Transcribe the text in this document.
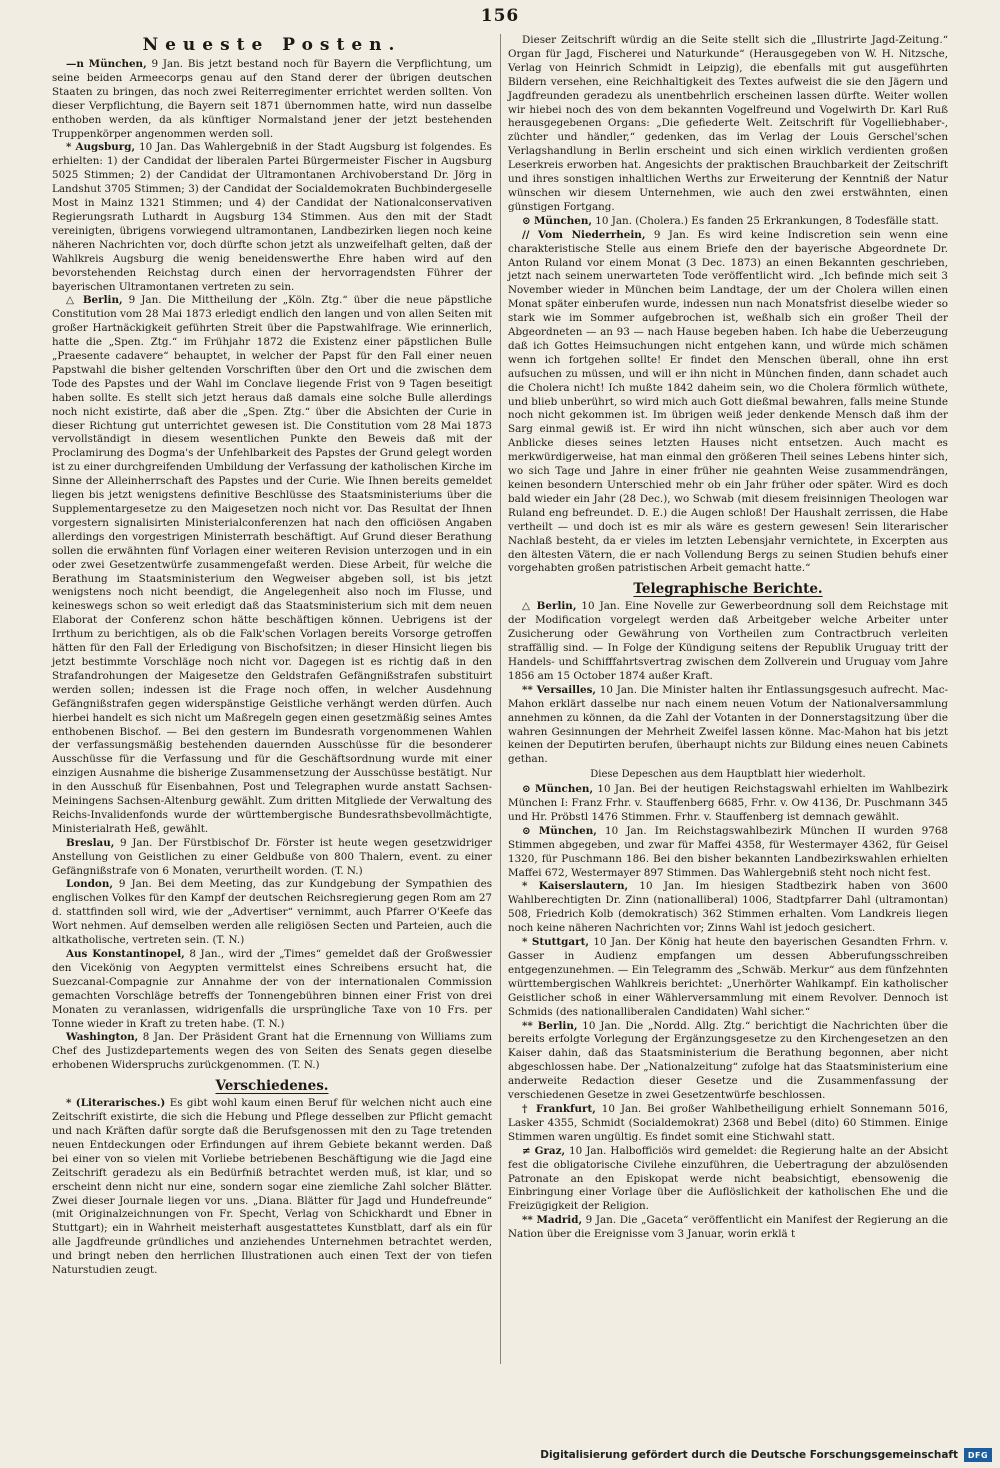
156
Neueste Posten.

—n München, 9 Jan. Bis jetzt bestand noch für Bayern die Verpflichtung, um seine beiden Armeecorps genau auf den Stand derer der übrigen deutschen Staaten zu bringen, das noch zwei Reiterregimenter errichtet werden sollten. Von dieser Verpflichtung, die Bayern seit 1871 übernommen hatte, wird nun dasselbe enthoben werden, da als künftiger Normalstand jener der jetzt bestehenden Truppenkörper angenommen werden soll.

* Augsburg, 10 Jan. Das Wahlergebniß in der Stadt Augsburg ist folgendes. Es erhielten: 1) der Candidat der liberalen Partei Bürgermeister Fischer in Augsburg 5025 Stimmen; 2) der Candidat der Ultramontanen Archivoberstand Dr. Jörg in Landshut 3705 Stimmen; 3) der Candidat der Socialdemokraten Buchbindergeselle Most in Mainz 1321 Stimmen; und 4) der Candidat der Nationalconservativen Regierungsrath Luthardt in Augsburg 134 Stimmen. Aus den mit der Stadt vereinigten, übrigens vorwiegend ultramontanen, Landbezirken liegen noch keine näheren Nachrichten vor, doch dürfte schon jetzt als unzweifelhaft gelten, daß der Wahlkreis Augsburg die wenig beneidenswerthe Ehre haben wird auf den bevorstehenden Reichstag durch einen der hervorragendsten Führer der bayerischen Ultramontanen vertreten zu sein.

△ Berlin, 9 Jan. Die Mittheilung der „Köln. Ztg.“ über die neue päpstliche Constitution vom 28 Mai 1873 erledigt endlich den langen und von allen Seiten mit großer Hartnäckigkeit geführten Streit über die Papstwahlfrage. Wie erinnerlich, hatte die „Spen. Ztg.“ im Frühjahr 1872 die Existenz einer päpstlichen Bulle „Praesente cadavere“ behauptet, in welcher der Papst für den Fall einer neuen Papstwahl die bisher geltenden Vorschriften über den Ort und die zwischen dem Tode des Papstes und der Wahl im Conclave liegende Frist von 9 Tagen beseitigt haben sollte. Es stellt sich jetzt heraus daß damals eine solche Bulle allerdings noch nicht existirte, daß aber die „Spen. Ztg.“ über die Absichten der Curie in dieser Richtung gut unterrichtet gewesen ist. Die Constitution vom 28 Mai 1873 vervollständigt in diesem wesentlichen Punkte den Beweis daß mit der Proclamirung des Dogma's der Unfehlbarkeit des Papstes der Grund gelegt worden ist zu einer durchgreifenden Umbildung der Verfassung der katholischen Kirche im Sinne der Alleinherrschaft des Papstes und der Curie. Wie Ihnen bereits gemeldet liegen bis jetzt wenigstens definitive Beschlüsse des Staatsministeriums über die Supplementargesetze zu den Maigesetzen noch nicht vor. Das Resultat der Ihnen vorgestern signalisirten Ministerialconferenzen hat nach den officiösen Angaben allerdings den vorgestrigen Ministerrath beschäftigt. Auf Grund dieser Berathung sollen die erwähnten fünf Vorlagen einer weiteren Revision unterzogen und in ein oder zwei Gesetzentwürfe zusammengefaßt werden. Diese Arbeit, für welche die Berathung im Staatsministerium den Wegweiser abgeben soll, ist bis jetzt wenigstens noch nicht beendigt, die Angelegenheit also noch im Flusse, und keineswegs schon so weit erledigt daß das Staatsministerium sich mit dem neuen Elaborat der Conferenz schon hätte beschäftigen können. Uebrigens ist der Irrthum zu berichtigen, als ob die Falk'schen Vorlagen bereits Vorsorge getroffen hätten für den Fall der Erledigung von Bischofsitzen; in dieser Hinsicht liegen bis jetzt bestimmte Vorschläge noch nicht vor. Dagegen ist es richtig daß in den Strafandrohungen der Maigesetze den Geldstrafen Gefängnißstrafen substituirt werden sollen; indessen ist die Frage noch offen, in welcher Ausdehnung Gefängnißstrafen gegen widerspänstige Geistliche verhängt werden dürfen. Auch hierbei handelt es sich nicht um Maßregeln gegen einen gesetzmäßig seines Amtes enthobenen Bischof. — Bei den gestern im Bundesrath vorgenommenen Wahlen der verfassungsmäßig bestehenden dauernden Ausschüsse für die besonderer Ausschüsse für die Verfassung und für die Geschäftsordnung wurde mit einer einzigen Ausnahme die bisherige Zusammensetzung der Ausschüsse bestätigt. Nur in den Ausschuß für Eisenbahnen, Post und Telegraphen wurde anstatt Sachsen-Meiningens Sachsen-Altenburg gewählt. Zum dritten Mitgliede der Verwaltung des Reichs-Invalidenfonds wurde der württembergische Bundesrathsbevollmächtigte, Ministerialrath Heß, gewählt.

Breslau, 9 Jan. Der Fürstbischof Dr. Förster ist heute wegen gesetzwidriger Anstellung von Geistlichen zu einer Geldbuße von 800 Thalern, event. zu einer Gefängnißstrafe von 6 Monaten, verurtheilt worden. (T. N.)

London, 9 Jan. Bei dem Meeting, das zur Kundgebung der Sympathien des englischen Volkes für den Kampf der deutschen Reichsregierung gegen Rom am 27 d. stattfinden soll wird, wie der „Advertiser“ vernimmt, auch Pfarrer O'Keefe das Wort nehmen. Auf demselben werden alle religiösen Secten und Parteien, auch die altkatholische, vertreten sein. (T. N.)

Aus Konstantinopel, 8 Jan., wird der „Times“ gemeldet daß der Großwessier den Vicekönig von Aegypten vermittelst eines Schreibens ersucht hat, die Suezcanal-Compagnie zur Annahme der von der internationalen Commission gemachten Vorschläge betreffs der Tonnengebühren binnen einer Frist von drei Monaten zu veranlassen, widrigenfalls die ursprüngliche Taxe von 10 Frs. per Tonne wieder in Kraft zu treten habe. (T. N.)

Washington, 8 Jan. Der Präsident Grant hat die Ernennung von Williams zum Chef des Justizdepartements wegen des von Seiten des Senats gegen dieselbe erhobenen Widerspruchs zurückgenommen. (T. N.)

Verschiedenes.

* (Literarisches.) Es gibt wohl kaum einen Beruf für welchen nicht auch eine Zeitschrift existirte, die sich die Hebung und Pflege desselben zur Pflicht gemacht und nach Kräften dafür sorgte daß die Berufsgenossen mit den zu Tage tretenden neuen Entdeckungen oder Erfindungen auf ihrem Gebiete bekannt werden. Daß bei einer von so vielen mit Vorliebe betriebenen Beschäftigung wie die Jagd eine Zeitschrift geradezu als ein Bedürfniß betrachtet werden muß, ist klar, und so erscheint denn nicht nur eine, sondern sogar eine ziemliche Zahl solcher Blätter. Zwei dieser Journale liegen vor uns. „Diana. Blätter für Jagd und Hundefreunde“ (mit Originalzeichnungen von Fr. Specht, Verlag von Schickhardt und Ebner in Stuttgart); ein in Wahrheit meisterhaft ausgestattetes Kunstblatt, darf als ein für alle Jagdfreunde gründliches und anziehendes Unternehmen betrachtet werden, und bringt neben den herrlichen Illustrationen auch einen Text der von tiefen Naturstudien zeugt.

Dieser Zeitschrift würdig an die Seite stellt sich die „Illustrirte Jagd-Zeitung.“ Organ für Jagd, Fischerei und Naturkunde“ (Herausgegeben von W. H. Nitzsche, Verlag von Heinrich Schmidt in Leipzig), die ebenfalls mit gut ausgeführten Bildern versehen, eine Reichhaltigkeit des Textes aufweist die sie den Jägern und Jagdfreunden geradezu als unentbehrlich erscheinen lassen dürfte. Weiter wollen wir hiebei noch des von dem bekannten Vogelfreund und Vogelwirth Dr. Karl Ruß herausgegebenen Organs: „Die gefiederte Welt. Zeitschrift für Vogelliebhaber-, züchter und händler,“ gedenken, das im Verlag der Louis Gerschel'schen Verlagshandlung in Berlin erscheint und sich einen wirklich verdienten großen Leserkreis erworben hat. Angesichts der praktischen Brauchbarkeit der Zeitschrift und ihres sonstigen inhaltlichen Werths zur Erweiterung der Kenntniß der Natur wünschen wir diesem Unternehmen, wie auch den zwei erstwähnten, einen günstigen Fortgang.

⊙ München, 10 Jan. (Cholera.) Es fanden 25 Erkrankungen, 8 Todesfälle statt.

// Vom Niederrhein, 9 Jan. Es wird keine Indiscretion sein wenn eine charakteristische Stelle aus einem Briefe den der bayerische Abgeordnete Dr. Anton Ruland vor einem Monat (3 Dec. 1873) an einen Bekannten geschrieben, jetzt nach seinem unerwarteten Tode veröffentlicht wird. „Ich befinde mich seit 3 November wieder in München beim Landtage, der um der Cholera willen einen Monat später einberufen wurde, indessen nun nach Monatsfrist dieselbe wieder so stark wie im Sommer aufgebrochen ist, weßhalb sich ein großer Theil der Abgeordneten — an 93 — nach Hause begeben haben. Ich habe die Ueberzeugung daß ich Gottes Heimsuchungen nicht entgehen kann, und würde mich schämen wenn ich fortgehen sollte! Er findet den Menschen überall, ohne ihn erst aufsuchen zu müssen, und will er ihn nicht in München finden, dann schadet auch die Cholera nicht! Ich mußte 1842 daheim sein, wo die Cholera förmlich wüthete, und blieb unberührt, so wird mich auch Gott dießmal bewahren, falls meine Stunde noch nicht gekommen ist. Im übrigen weiß jeder denkende Mensch daß ihm der Sarg einmal gewiß ist. Er wird ihn nicht wünschen, sich aber auch vor dem Anblicke dieses seines letzten Hauses nicht entsetzen. Auch macht es merkwürdigerweise, hat man einmal den größeren Theil seines Lebens hinter sich, wo sich Tage und Jahre in einer früher nie geahnten Weise zusammendrängen, keinen besondern Unterschied mehr ob ein Jahr früher oder später. Wird es doch bald wieder ein Jahr (28 Dec.), wo Schwab (mit diesem freisinnigen Theologen war Ruland eng befreundet. D. E.) die Augen schloß! Der Haushalt zerrissen, die Habe vertheilt — und doch ist es mir als wäre es gestern gewesen! Sein literarischer Nachlaß besteht, da er vieles im letzten Lebensjahr vernichtete, in Excerpten aus den ältesten Vätern, die er nach Vollendung Bergs zu seinen Studien behufs einer vorgehabten großen patristischen Arbeit gemacht hatte.“

Telegraphische Berichte.

△ Berlin, 10 Jan. Eine Novelle zur Gewerbeordnung soll dem Reichstage mit der Modification vorgelegt werden daß Arbeitgeber welche Arbeiter unter Zusicherung oder Gewährung von Vortheilen zum Contractbruch verleiten straffällig sind. — In Folge der Kündigung seitens der Republik Uruguay tritt der Handels- und Schifffahrtsvertrag zwischen dem Zollverein und Uruguay vom Jahre 1856 am 15 October 1874 außer Kraft.

** Versailles, 10 Jan. Die Minister halten ihr Entlassungsgesuch aufrecht. Mac-Mahon erklärt dasselbe nur nach einem neuen Votum der Nationalversammlung annehmen zu können, da die Zahl der Votanten in der Donnerstagsitzung über die wahren Gesinnungen der Mehrheit Zweifel lassen könne. Mac-Mahon hat bis jetzt keinen der Deputirten berufen, überhaupt nichts zur Bildung eines neuen Cabinets gethan.

Diese Depeschen aus dem Hauptblatt hier wiederholt.

⊙ München, 10 Jan. Bei der heutigen Reichstagswahl erhielten im Wahlbezirk München I: Franz Frhr. v. Stauffenberg 6685, Frhr. v. Ow 4136, Dr. Puschmann 345 und Hr. Pröbstl 1476 Stimmen. Frhr. v. Stauffenberg ist demnach gewählt.

⊙ München, 10 Jan. Im Reichstagswahlbezirk München II wurden 9768 Stimmen abgegeben, und zwar für Maffei 4358, für Westermayer 4362, für Geisel 1320, für Puschmann 186. Bei den bisher bekannten Landbezirkswahlen erhielten Maffei 672, Westermayer 897 Stimmen. Das Wahlergebniß steht noch nicht fest.

* Kaiserslautern, 10 Jan. Im hiesigen Stadtbezirk haben von 3600 Wahlberechtigten Dr. Zinn (nationalliberal) 1006, Stadtpfarrer Dahl (ultramontan) 508, Friedrich Kolb (demokratisch) 362 Stimmen erhalten. Vom Landkreis liegen noch keine näheren Nachrichten vor; Zinns Wahl ist jedoch gesichert.

* Stuttgart, 10 Jan. Der König hat heute den bayerischen Gesandten Frhrn. v. Gasser in Audienz empfangen um dessen Abberufungsschreiben entgegenzunehmen. — Ein Telegramm des „Schwäb. Merkur“ aus dem fünfzehnten württembergischen Wahlkreis berichtet: „Unerhörter Wahlkampf. Ein katholischer Geistlicher schoß in einer Wählerversammlung mit einem Revolver. Dennoch ist Schmids (des nationalliberalen Candidaten) Wahl sicher.“

** Berlin, 10 Jan. Die „Nordd. Allg. Ztg.“ berichtigt die Nachrichten über die bereits erfolgte Vorlegung der Ergänzungsgesetze zu den Kirchengesetzen an den Kaiser dahin, daß das Staatsministerium die Berathung begonnen, aber nicht abgeschlossen habe. Der „Nationalzeitung“ zufolge hat das Staatsministerium eine anderweite Redaction dieser Gesetze und die Zusammenfassung der verschiedenen Gesetze in zwei Gesetzentwürfe beschlossen.

† Frankfurt, 10 Jan. Bei großer Wahlbetheiligung erhielt Sonnemann 5016, Lasker 4355, Schmidt (Socialdemokrat) 2368 und Bebel (dito) 60 Stimmen. Einige Stimmen waren ungültig. Es findet somit eine Stichwahl statt.

≠ Graz, 10 Jan. Halbofficiös wird gemeldet: die Regierung halte an der Absicht fest die obligatorische Civilehe einzuführen, die Uebertragung der abzulösenden Patronate an den Episkopat werde nicht beabsichtigt, ebensowenig die Einbringung einer Vorlage über die Auflöslichkeit der katholischen Ehe und die Freizügigkeit der Religion.

** Madrid, 9 Jan. Die „Gaceta“ veröffentlicht ein Manifest der Regierung an die Nation über die Ereignisse vom 3 Januar, worin erklä t

Digitalisierung gefördert durch die Deutsche Forschungsgemeinschaft	DFG
